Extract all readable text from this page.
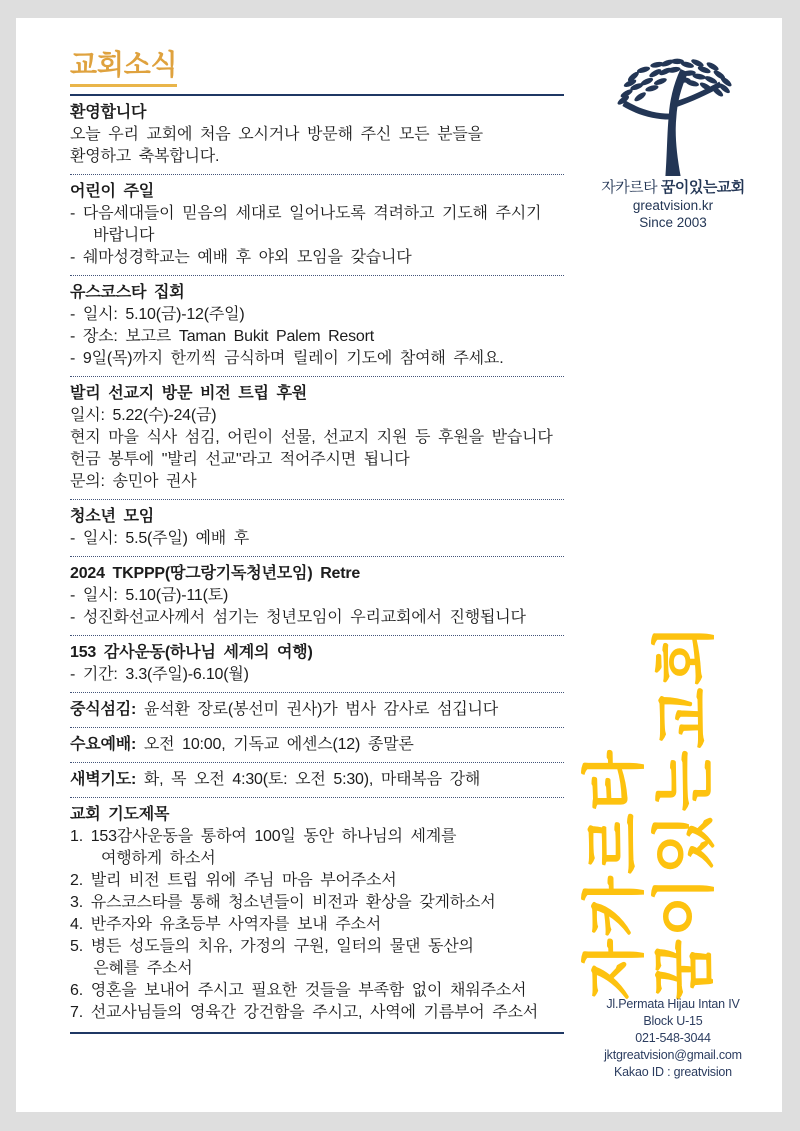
교회소식
환영합니다
오늘 우리 교회에 처음 오시거나 방문해 주신 모든 분들을
환영하고 축복합니다.
어린이 주일
- 다음세대들이 믿음의 세대로 일어나도록 격려하고 기도해 주시기
바랍니다
- 쉐마성경학교는 예배 후 야외 모임을 갖습니다
유스코스타 집회
- 일시: 5.10(금)-12(주일)
- 장소: 보고르 Taman Bukit Palem Resort
- 9일(목)까지 한끼씩 금식하며 릴레이 기도에 참여해 주세요.
발리 선교지 방문 비전 트립 후원
일시: 5.22(수)-24(금)
현지 마을 식사 섬김, 어린이 선물, 선교지 지원 등 후원을 받습니다
헌금 봉투에 "발리 선교"라고 적어주시면 됩니다
문의: 송민아 권사
청소년 모임
- 일시: 5.5(주일) 예배 후
2024 TKPPP(땅그랑기독청년모임) Retre
- 일시: 5.10(금)-11(토)
- 성진화선교사께서 섬기는 청년모임이 우리교회에서 진행됩니다
153 감사운동(하나님 세계의 여행)
- 기간: 3.3(주일)-6.10(월)
중식섬김: 윤석환 장로(봉선미 권사)가 범사 감사로 섬깁니다
수요예배: 오전 10:00, 기독교 에센스(12) 종말론
새벽기도: 화, 목 오전 4:30(토: 오전 5:30), 마태복음 강해
교회 기도제목
1. 153감사운동을 통하여 100일 동안 하나님의 세계를
여행하게 하소서
2. 발리 비전 트립 위에 주님 마음 부어주소서
3. 유스코스타를 통해 청소년들이 비전과 환상을 갖게하소서
4. 반주자와 유초등부 사역자를 보내 주소서
5. 병든 성도들의 치유, 가정의 구원, 일터의 물댄 동산의
은혜를 주소서
6. 영혼을 보내어 주시고 필요한 것들을 부족함 없이 채워주소서
7. 선교사님들의 영육간 강건함을 주시고, 사역에 기름부어 주소서
자카르타 꿈이있는교회
greatvision.kr
Since 2003
자카르타 꿈이있는교회
Jl.Permata Hijau Intan IV
Block U-15
021-548-3044
jktgreatvision@gmail.com
Kakao ID : greatvision
